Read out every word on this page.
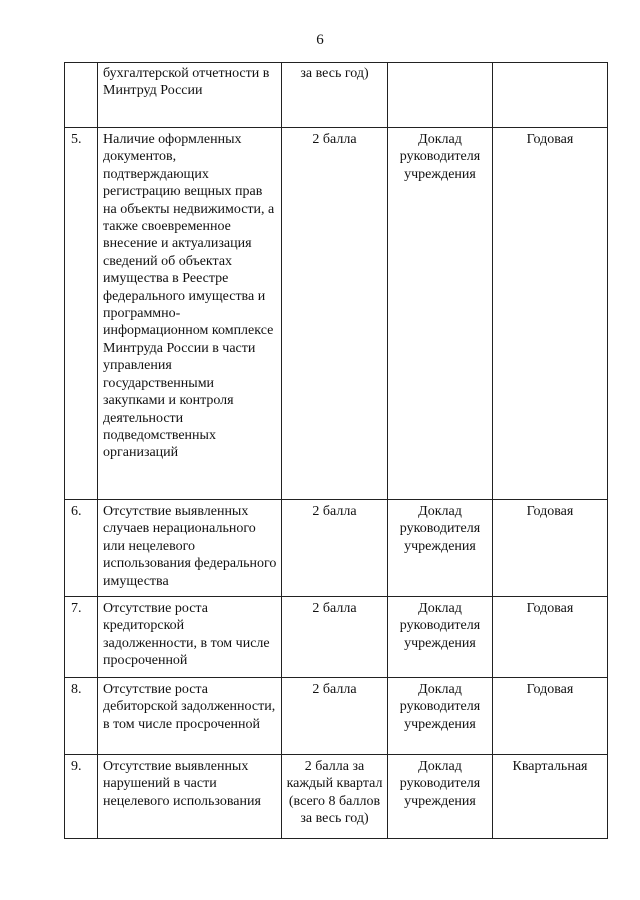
6

	бухгалтерской отчетности в Минтруд России	за весь год)		

5.	Наличие оформленных документов, подтверждающих регистрацию вещных прав на объекты недвижимости, а также своевременное внесение и актуализация сведений об объектах имущества в Реестре федерального имущества и программно-информационном комплексе Минтруда России в части управления государственными закупками и контроля деятельности подведомственных организаций	2 балла	Доклад руководителя учреждения	Годовая

6.	Отсутствие выявленных случаев нерационального или нецелевого использования федерального имущества	2 балла	Доклад руководителя учреждения	Годовая

7.	Отсутствие роста кредиторской задолженности, в том числе просроченной	2 балла	Доклад руководителя учреждения	Годовая

8.	Отсутствие роста дебиторской задолженности, в том числе просроченной	2 балла	Доклад руководителя учреждения	Годовая

9.	Отсутствие выявленных нарушений в части нецелевого использования	2 балла за каждый квартал (всего 8 баллов за весь год)	Доклад руководителя учреждения	Квартальная
